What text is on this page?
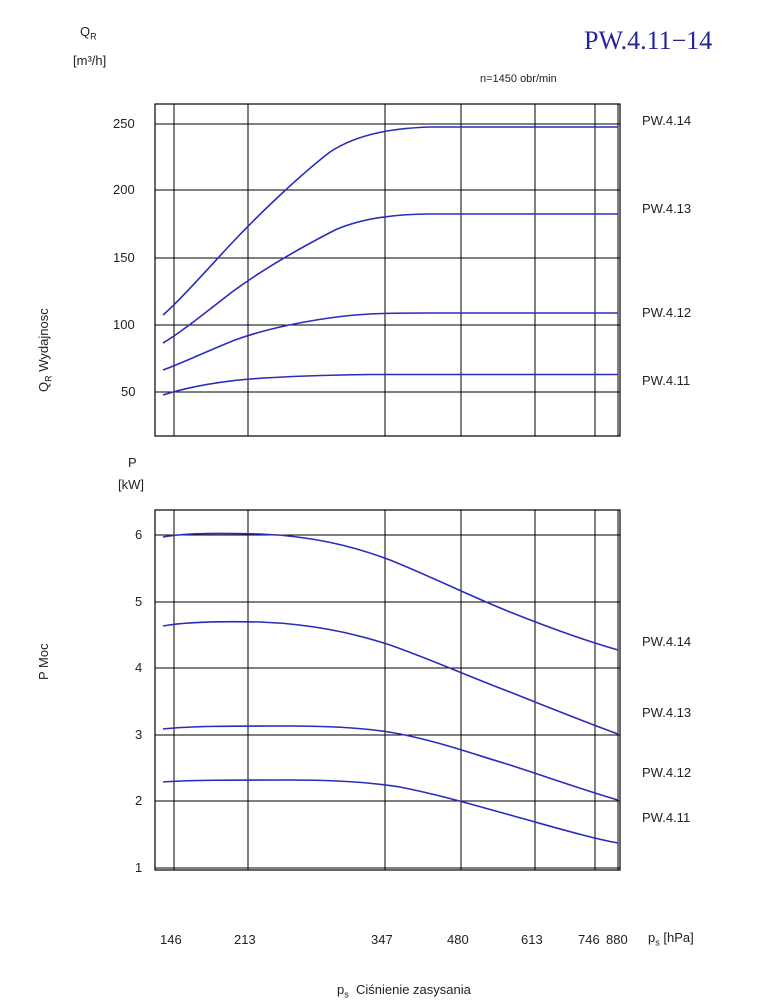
PW.4.11−14
$Q_R$
[m³/h]
n=1450 obr/min
$Q_R$ Wydajnosc
P Moc
P
[kW]
250
200
150
100
50
PW.4.14
PW.4.13
PW.4.12
PW.4.11
6
5
4
3
2
1
PW.4.14
PW.4.13
PW.4.12
PW.4.11
146	213	347	480	613	746 880 $p_s$ [hPa]
$p_s$ Ciśnienie zasysania
